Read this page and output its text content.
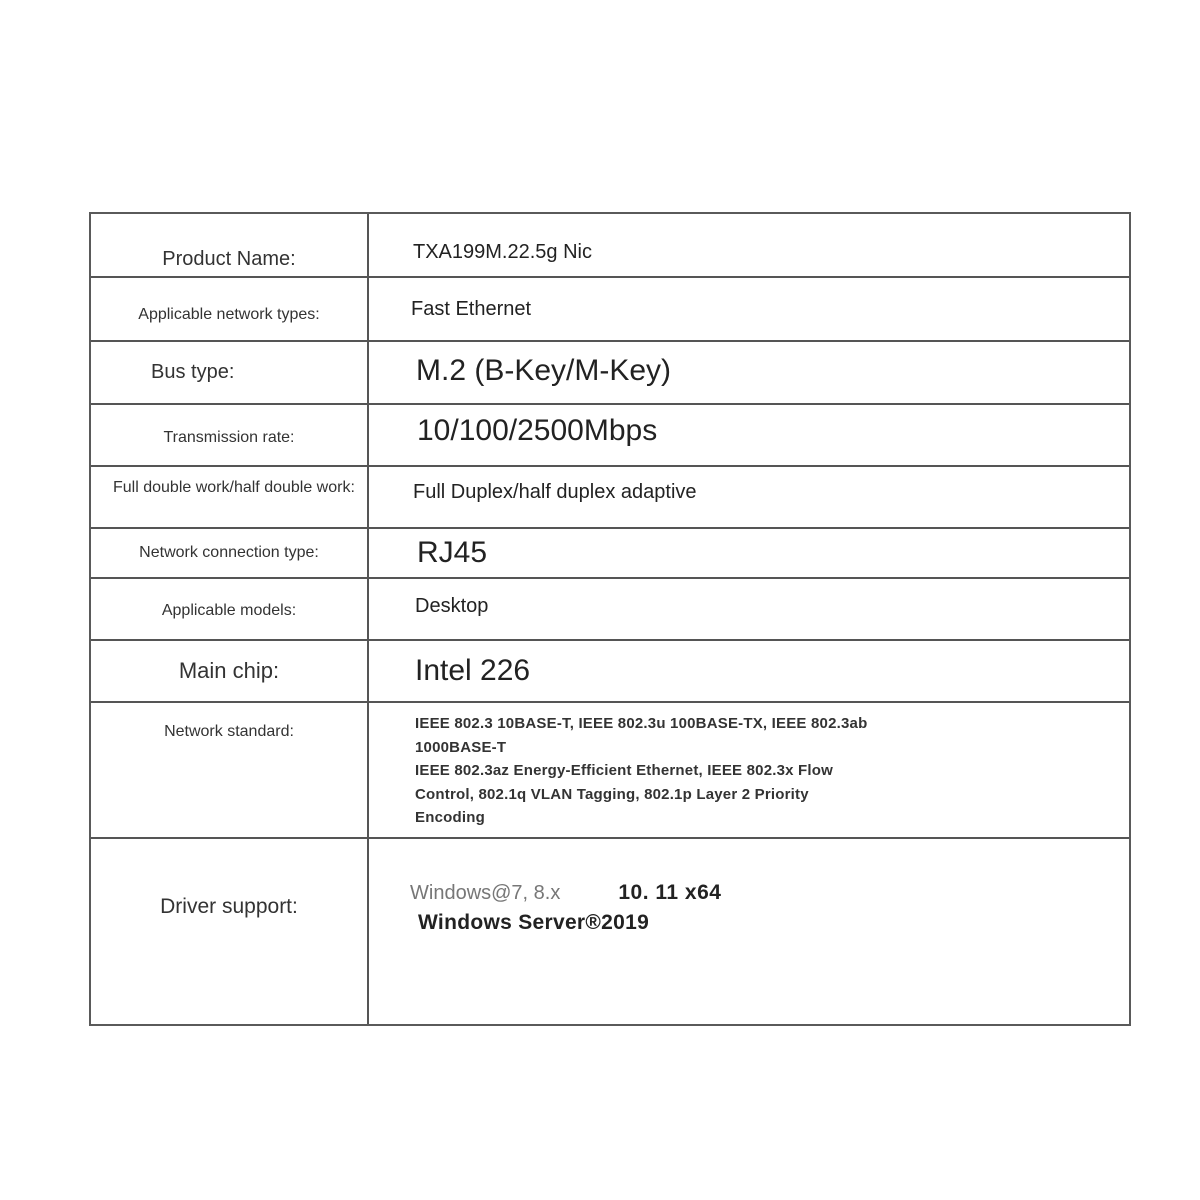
Product Name:	TXA199M.22.5g Nic
Applicable network types:	Fast Ethernet
Bus type:	M.2 (B-Key/M-Key)
Transmission rate:	10/100/2500Mbps
Full double work/half double work:	Full Duplex/half duplex adaptive
Network connection type:	RJ45
Applicable models:	Desktop
Main chip:	Intel 226
Network standard:	IEEE 802.3 10BASE-T, IEEE 802.3u 100BASE-TX, IEEE 802.3ab
1000BASE-T
IEEE 802.3az Energy-Efficient Ethernet, IEEE 802.3x Flow
Control, 802.1q VLAN Tagging, 802.1p Layer 2 Priority
Encoding
Driver support:
Windows@7, 8.x	10. 11 x64
Windows Server®2019
